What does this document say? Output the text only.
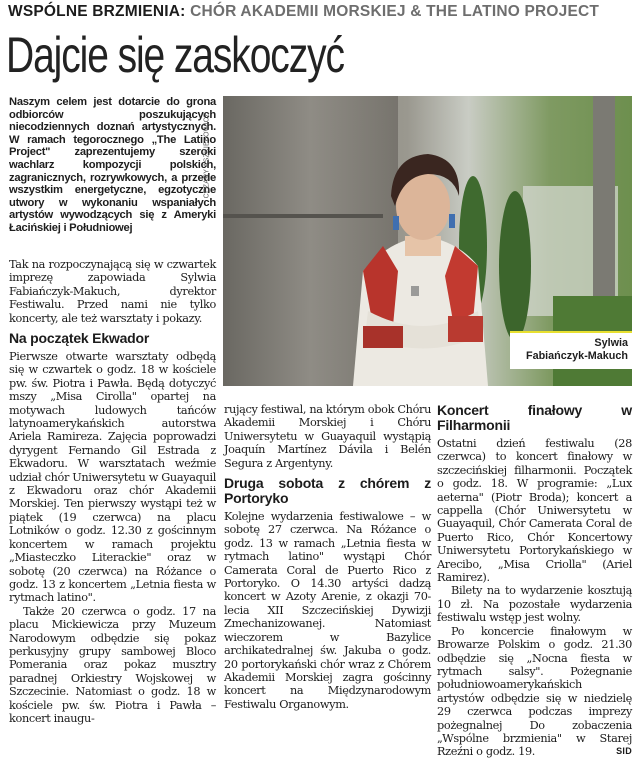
WSPÓLNE BRZMIENIA: CHÓR AKADEMII MORSKIEJ & THE LATINO PROJECT
Dajcie się zaskoczyć
Naszym celem jest dotarcie do grona odbiorców poszukujących niecodziennych doznań artystycznych. W ramach tegorocznego „The Latino Project" zaprezentujemy szeroki wachlarz kompozycji polskich, zagranicznych, rozrywkowych, a przede wszystkim energetyczne, egzotyczne utwory w wykonaniu wspaniałych artystów wywodzących się z Ameryki Łacińskiej i Południowej

Tak na rozpoczynającą się w czwartek imprezę zapowiada Sylwia Fabiańczyk-Makuch, dyrektor Festiwalu. Przed nami nie tylko koncerty, ale też warsztaty i pokazy.

Na początek Ekwador

Pierwsze otwarte warsztaty odbędą się w czwartek o godz. 18 w kościele pw. św. Piotra i Pawła. Będą dotyczyć mszy „Misa Cirolla" opartej na motywach ludowych tańców latynoamerykańskich autorstwa Ariela Ramireza. Zajęcia poprowadzi dyrygent Fernando Gil Estrada z Ekwadoru. W warsztatach weźmie udział chór Uniwersytetu w Guayaquil z Ekwadoru oraz chór Akademii Morskiej. Ten pierwszy wystąpi też w piątek (19 czerwca) na placu Lotników o godz. 12.30 z gościnnym koncertem w ramach projektu „Miasteczko Literackie" oraz w sobotę (20 czerwca) na Różance o godz. 13 z koncertem „Letnia fiesta w rytmach latino".

Także 20 czerwca o godz. 17 na placu Mickiewicza przy Muzeum Narodowym odbędzie się pokaz perkusyjny grupy sambowej Bloco Pomerania oraz pokaz musztry paradnej Orkiestry Wojskowej w Szczecinie. Natomiast o godz. 18 w kościele pw. św. Piotra i Pawła – koncert inaugu-

CEZARY ASZKIEŁOWICZ
Sylwia
Fabiańczyk-Makuch

rujący festiwal, na którym obok Chóru Akademii Morskiej i Chóru Uniwersytetu w Guayaquil wystąpią Joaquín Martínez Dávila i Belén Segura z Argentyny.

Druga sobota z chórem z Portoryko

Kolejne wydarzenia festiwalowe – w sobotę 27 czerwca. Na Różance o godz. 13 w ramach „Letnia fiesta w rytmach latino" wystąpi Chór Camerata Coral de Puerto Rico z Portoryko. O 14.30 artyści dadzą koncert w Azoty Arenie, z okazji 70-lecia XII Szczecińskiej Dywizji Zmechanizowanej. Natomiast wieczorem w Bazylice archikatedralnej św. Jakuba o godz. 20 portorykański chór wraz z Chórem Akademii Morskiej zagra gościnny koncert na Międzynarodowym Festiwalu Organowym.

Koncert finałowy w Filharmonii

Ostatni dzień festiwalu (28 czerwca) to koncert finałowy w szczecińskiej filharmonii. Początek o godz. 18. W programie: „Lux aeterna" (Piotr Broda); koncert a cappella (Chór Uniwersytetu w Guayaquil, Chór Camerata Coral de Puerto Rico, Chór Koncertowy Uniwersytetu Portorykańskiego w Arecibo, „Misa Criolla" (Ariel Ramirez).

Bilety na to wydarzenie kosztują 10 zł. Na pozostałe wydarzenia festiwalu wstęp jest wolny.

Po koncercie finałowym w Browarze Polskim o godz. 21.30 odbędzie się „Nocna fiesta w rytmach salsy". Pożegnanie południowoamerykańskich artystów odbędzie się w niedzielę 29 czerwca podczas imprezy pożegnalnej Do zobaczenia „Wspólne brzmienia" w Starej Rzeźni o godz. 19.	SID
